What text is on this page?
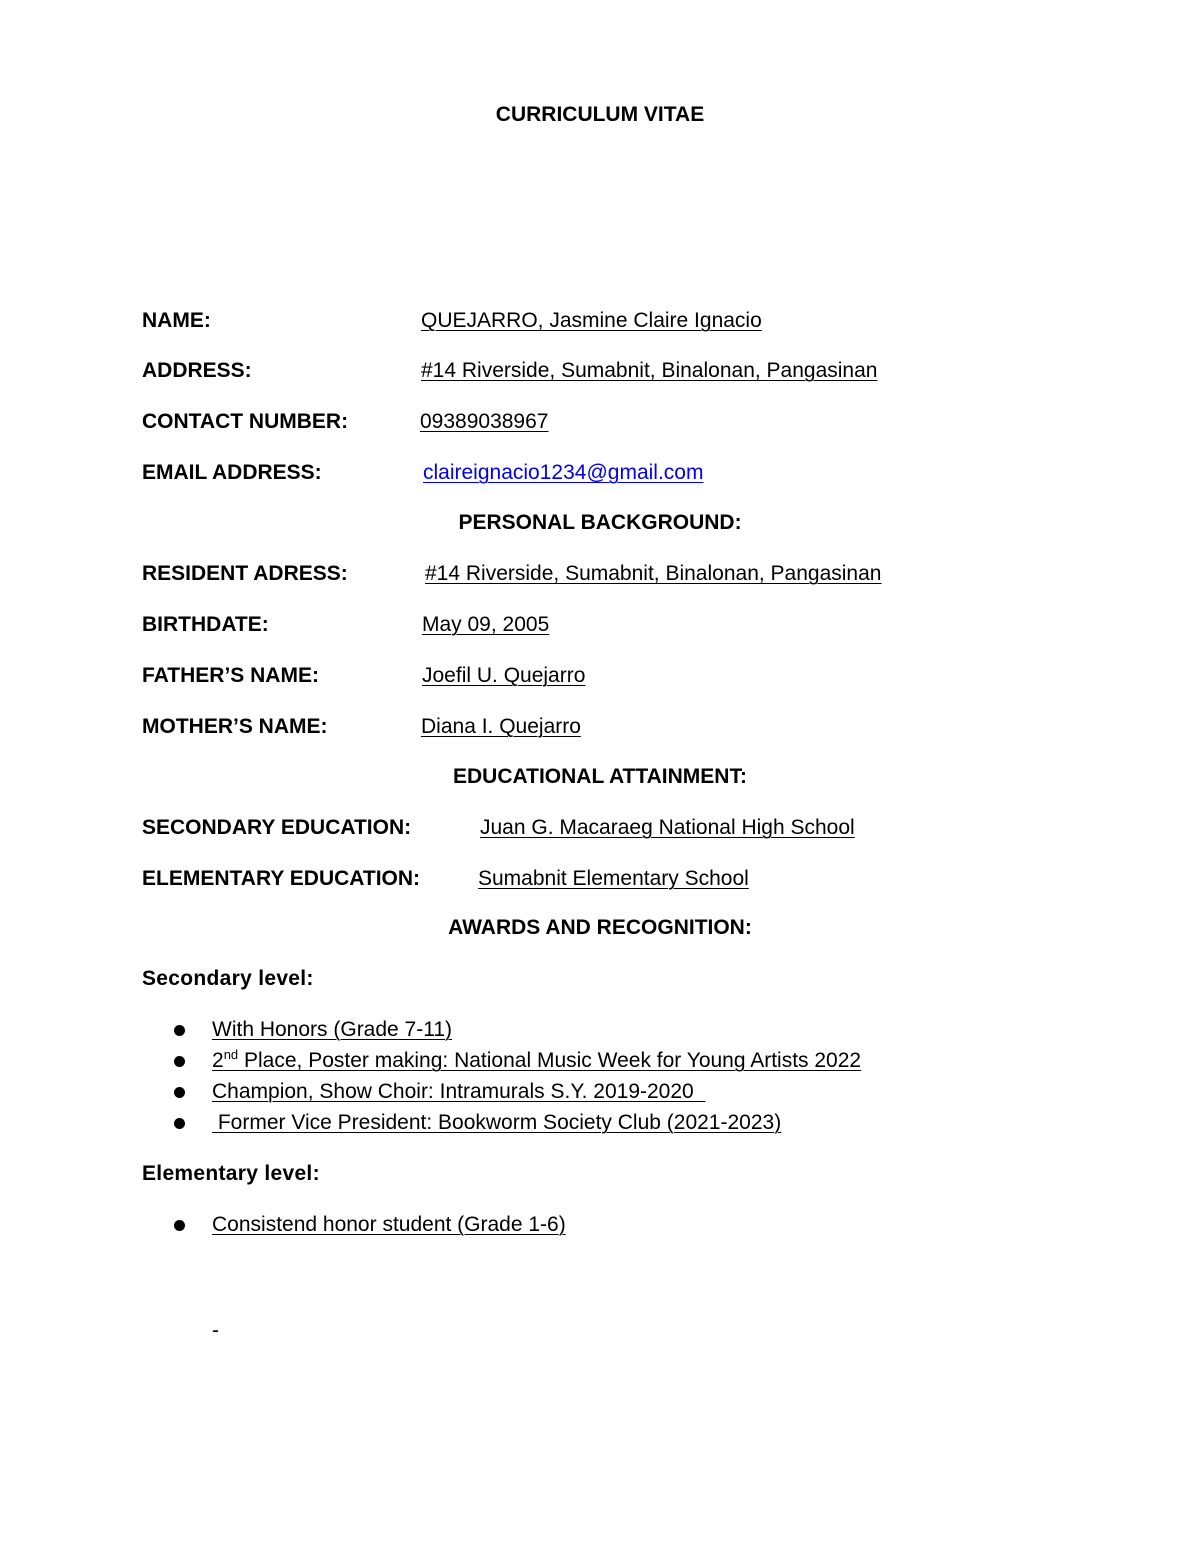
CURRICULUM VITAE
NAME:	QUEJARRO, Jasmine Claire Ignacio
ADDRESS:	#14 Riverside, Sumabnit, Binalonan, Pangasinan
CONTACT NUMBER:	09389038967
EMAIL ADDRESS:	claireignacio1234@gmail.com
PERSONAL BACKGROUND:
RESIDENT ADRESS:	#14 Riverside, Sumabnit, Binalonan, Pangasinan
BIRTHDATE:	May 09, 2005
FATHER’S NAME:	Joefil U. Quejarro
MOTHER’S NAME:	Diana I. Quejarro
EDUCATIONAL ATTAINMENT:
SECONDARY EDUCATION:	Juan G. Macaraeg National High School
ELEMENTARY EDUCATION:	Sumabnit Elementary School
AWARDS AND RECOGNITION:
Secondary level:
With Honors (Grade 7-11)
2nd Place, Poster making: National Music Week for Young Artists 2022
Champion, Show Choir: Intramurals S.Y. 2019-2020
Former Vice President: Bookworm Society Club (2021-2023)
Elementary level:
Consistend honor student (Grade 1-6)
-
